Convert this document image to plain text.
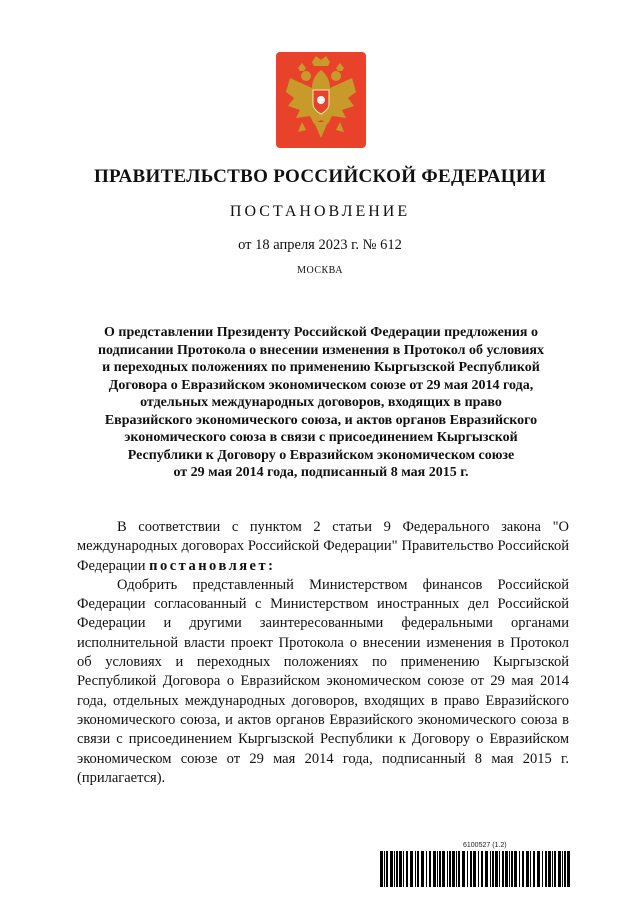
ПРАВИТЕЛЬСТВО РОССИЙСКОЙ ФЕДЕРАЦИИ
ПОСТАНОВЛЕНИЕ
от 18 апреля 2023 г. № 612
МОСКВА
О представлении Президенту Российской Федерации предложения о
подписании Протокола о внесении изменения в Протокол об условиях
и переходных положениях по применению Кыргызской Республикой
Договора о Евразийском экономическом союзе от 29 мая 2014 года,
отдельных международных договоров, входящих в право
Евразийского экономического союза, и актов органов Евразийского
экономического союза в связи с присоединением Кыргызской
Республики к Договору о Евразийском экономическом союзе
от 29 мая 2014 года, подписанный 8 мая 2015 г.

В соответствии с пунктом 2 статьи 9 Федерального закона "О международных договорах Российской Федерации" Правительство Российской Федерации постановляет:

Одобрить представленный Министерством финансов Российской Федерации согласованный с Министерством иностранных дел Российской Федерации и другими заинтересованными федеральными органами исполнительной власти проект Протокола о внесении изменения в Протокол об условиях и переходных положениях по применению Кыргызской Республикой Договора о Евразийском экономическом союзе от 29 мая 2014 года, отдельных международных договоров, входящих в право Евразийского экономического союза, и актов органов Евразийского экономического союза в связи с присоединением Кыргызской Республики к Договору о Евразийском экономическом союзе от 29 мая 2014 года, подписанный 8 мая 2015 г. (прилагается).

6100527 (1.2)
